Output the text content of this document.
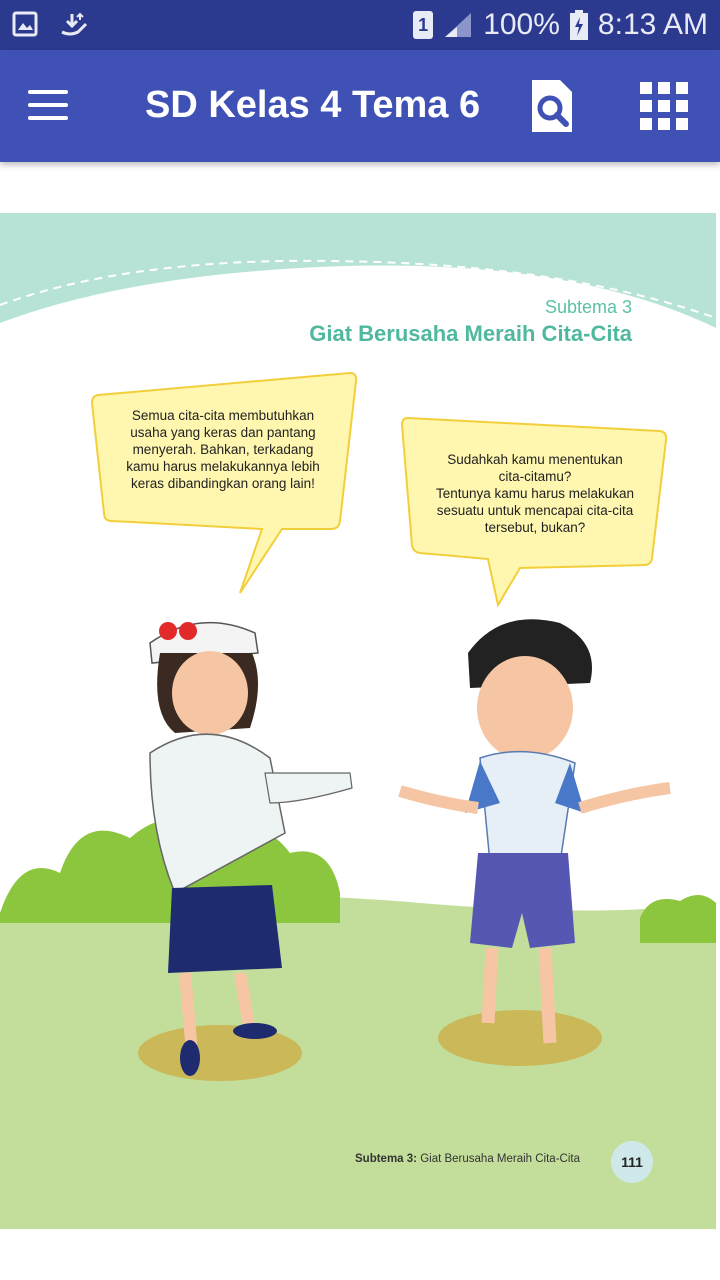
1 100% 8:13 AM
SD Kelas 4 Tema 6
Subtema 3
Giat Berusaha Meraih Cita-Cita
Semua cita-cita membutuhkan
usaha yang keras dan pantang
menyerah. Bahkan, terkadang
kamu harus melakukannya lebih
keras dibandingkan orang lain!
Sudahkah kamu menentukan
cita-citamu?
Tentunya kamu harus melakukan
sesuatu untuk mencapai cita-cita
tersebut, bukan?
Subtema 3: Giat Berusaha Meraih Cita-Cita	111
